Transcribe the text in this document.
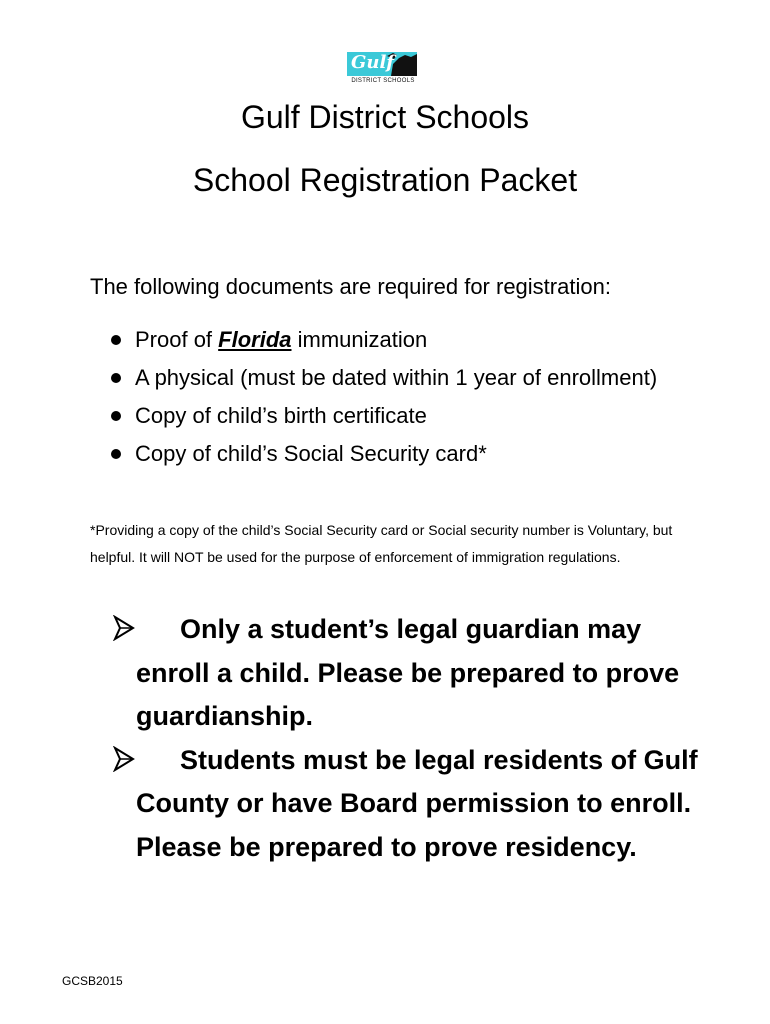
Gulf
DISTRICT SCHOOLS
Gulf District Schools
School Registration Packet
The following documents are required for registration:
Proof of Florida immunization
A physical (must be dated within 1 year of enrollment)
Copy of child’s birth certificate
Copy of child’s Social Security card*
*Providing a copy of the child’s Social Security card or Social security number is Voluntary, but helpful. It will NOT be used for the purpose of enforcement of immigration regulations.
Only a student’s legal guardian may enroll a child. Please be prepared to prove guardianship.
Students must be legal residents of Gulf County or have Board permission to enroll. Please be prepared to prove residency.
GCSB2015
